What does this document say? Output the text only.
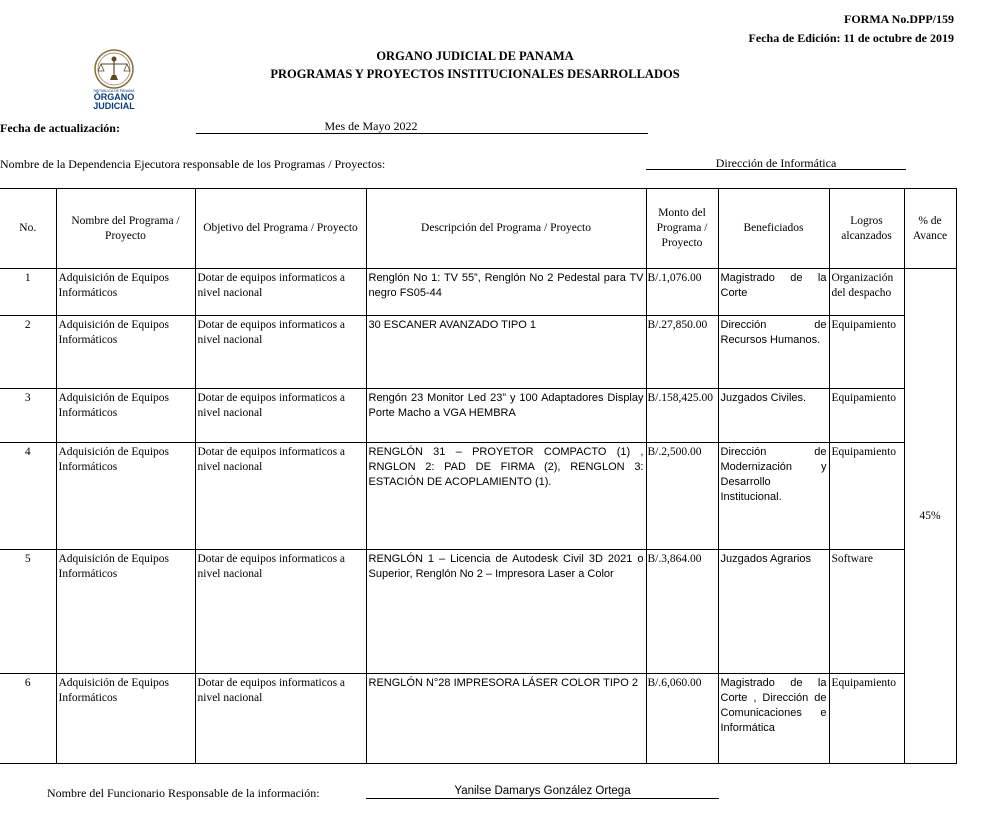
FORMA No.DPP/159
Fecha de Edición: 11 de octubre de 2019
REPÚBLICA DE PANAMÁ
ÓRGANO
JUDICIAL
ORGANO JUDICIAL DE PANAMA
PROGRAMAS Y PROYECTOS INSTITUCIONALES DESARROLLADOS
Fecha de actualización:	Mes de Mayo 2022
Nombre de la Dependencia Ejecutora responsable de los Programas / Proyectos:	Dirección de Informática
No.	Nombre del Programa / Proyecto	Objetivo del Programa / Proyecto	Descripción del Programa / Proyecto	Monto del Programa / Proyecto	Beneficiados	Logros alcanzados	% de Avance
1	Adquisición de Equipos Informáticos	Dotar de equipos informaticos a nivel nacional	Renglón No 1: TV 55”, Renglón No 2 Pedestal para TV negro FS05-44	B/.1,076.00	Magistrado de la Corte	Organización del despacho	45%
2	Adquisición de Equipos Informáticos	Dotar de equipos informaticos a nivel nacional	30 ESCANER AVANZADO TIPO 1	B/.27,850.00	Dirección de Recursos Humanos.	Equipamiento	
3	Adquisición de Equipos Informáticos	Dotar de equipos informaticos a nivel nacional	Rengón 23 Monitor Led 23” y 100 Adaptadores Display Porte Macho a VGA HEMBRA	B/.158,425.00	Juzgados Civiles.	Equipamiento	
4	Adquisición de Equipos Informáticos	Dotar de equipos informaticos a nivel nacional	RENGLÓN 31 – PROYETOR COMPACTO (1) , RNGLON 2: PAD DE FIRMA (2), RENGLON 3: ESTACIÓN DE ACOPLAMIENTO (1).	B/.2,500.00	Dirección de Modernización y Desarrollo Institucional.	Equipamiento	
5	Adquisición de Equipos Informáticos	Dotar de equipos informaticos a nivel nacional	RENGLÓN 1 – Licencia de Autodesk Civil 3D 2021 o Superior, Renglón No 2 – Impresora Laser a Color	B/.3,864.00	Juzgados Agrarios	Software	
6	Adquisición de Equipos Informáticos	Dotar de equipos informaticos a nivel nacional	RENGLÓN N°28 IMPRESORA LÁSER COLOR TIPO 2	B/.6,060.00	Magistrado de la Corte , Dirección de Comunicaciones e Informática	Equipamiento	
Nombre del Funcionario Responsable de la información:	Yanilse Damarys González Ortega
